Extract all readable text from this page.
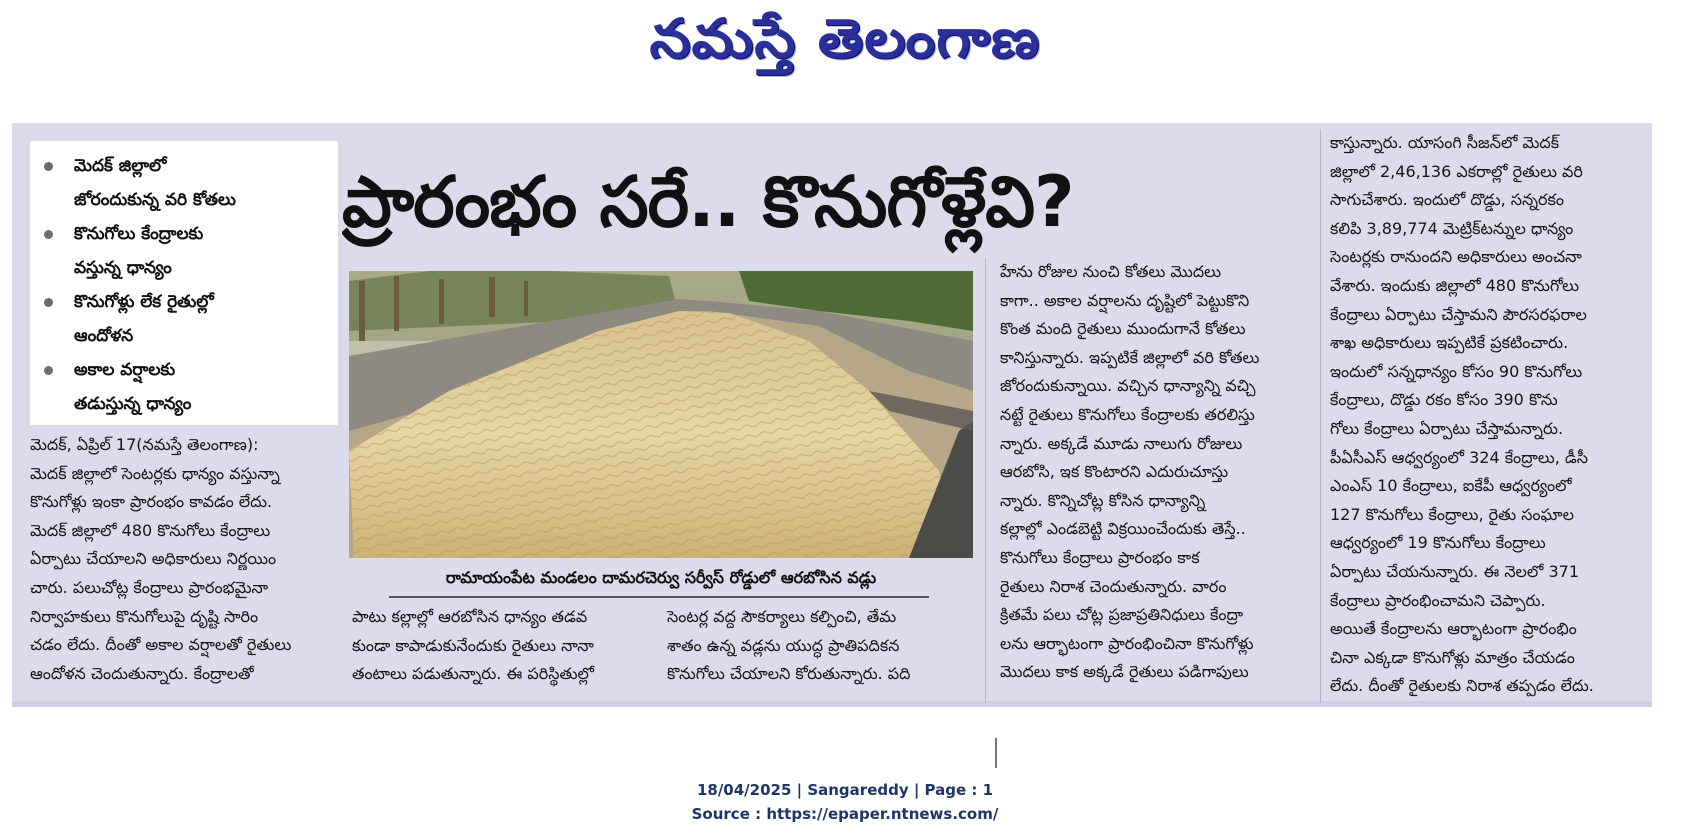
నమస్తే తెలంగాణ
మెదక్ జిల్లాలో
జోరందుకున్న వరి కోతలు
కొనుగోలు కేంద్రాలకు
వస్తున్న ధాన్యం
కొనుగోళ్లు లేక రైతుల్లో
ఆందోళన
అకాల వర్షాలకు
తడుస్తున్న ధాన్యం
ప్రారంభం సరే.. కొనుగోళ్లేవి?
రామాయంపేట మండలం దామరచెర్వు సర్వీస్ రోడ్డులో ఆరబోసిన వడ్లు

మెదక్, ఏప్రిల్ 17(నమస్తే తెలంగాణ):

మెదక్ జిల్లాలో సెంటర్లకు ధాన్యం వస్తున్నా

కొనుగోళ్లు ఇంకా ప్రారంభం కావడం లేదు.

మెదక్ జిల్లాలో 480 కొనుగోలు కేంద్రాలు

ఏర్పాటు చేయాలని అధికారులు నిర్ణయిం

చారు. పలుచోట్ల కేంద్రాలు ప్రారంభమైనా

నిర్వాహకులు కొనుగోలుపై దృష్టి సారిం

చడం లేదు. దీంతో అకాల వర్షాలతో రైతులు

ఆందోళన చెందుతున్నారు. కేంద్రాలతో

పాటు కల్లాల్లో ఆరబోసిన ధాన్యం తడవ

కుండా కాపాడుకునేందుకు రైతులు నానా

తంటాలు పడుతున్నారు. ఈ పరిస్థితుల్లో

సెంటర్ల వద్ద సౌకర్యాలు కల్పించి, తేమ

శాతం ఉన్న వడ్లను యుద్ధ ప్రాతిపదికన

కొనుగోలు చేయాలని కోరుతున్నారు. పది

హేను రోజుల నుంచి కోతలు మొదలు

కాగా.. అకాల వర్షాలను దృష్టిలో పెట్టుకొని

కొంత మంది రైతులు ముందుగానే కోతలు

కానిస్తున్నారు. ఇప్పటికే జిల్లాలో వరి కోతలు

జోరందుకున్నాయి. వచ్చిన ధాన్యాన్ని వచ్చి

నట్టే రైతులు కొనుగోలు కేంద్రాలకు తరలిస్తు

న్నారు. అక్కడే మూడు నాలుగు రోజులు

ఆరబోసి, ఇక కొంటారని ఎదురుచూస్తు

న్నారు. కొన్నిచోట్ల కోసిన ధాన్యాన్ని

కల్లాల్లో ఎండబెట్టి విక్రయించేందుకు తెస్తే..

కొనుగోలు కేంద్రాలు ప్రారంభం కాక

రైతులు నిరాశ చెందుతున్నారు. వారం

క్రితమే పలు చోట్ల ప్రజాప్రతినిధులు కేంద్రా

లను ఆర్భాటంగా ప్రారంభించినా కొనుగోళ్లు

మొదలు కాక అక్కడే రైతులు పడిగాపులు

కాస్తున్నారు. యాసంగి సీజన్‌లో మెదక్

జిల్లాలో 2,46,136 ఎకరాల్లో రైతులు వరి

సాగుచేశారు. ఇందులో దొడ్డు, సన్నరకం

కలిపి 3,89,774 మెట్రిక్‌టన్నుల ధాన్యం

సెంటర్లకు రానుందని అధికారులు అంచనా

వేశారు. ఇందుకు జిల్లాలో 480 కొనుగోలు

కేంద్రాలు ఏర్పాటు చేస్తామని పౌరసరఫరాల

శాఖ అధికారులు ఇప్పటికే ప్రకటించారు.

ఇందులో సన్నధాన్యం కోసం 90 కొనుగోలు

కేంద్రాలు, దొడ్డు రకం కోసం 390 కొను

గోలు కేంద్రాలు ఏర్పాటు చేస్తామన్నారు.

పీఏసీఎస్ ఆధ్వర్యంలో 324 కేంద్రాలు, డీసీ

ఎంఎస్ 10 కేంద్రాలు, ఐకేపీ ఆధ్వర్యంలో

127 కొనుగోలు కేంద్రాలు, రైతు సంఘాల

ఆధ్వర్యంలో 19 కొనుగోలు కేంద్రాలు

ఏర్పాటు చేయనున్నారు. ఈ నెలలో 371

కేంద్రాలు ప్రారంభించామని చెప్పారు.

అయితే కేంద్రాలను ఆర్భాటంగా ప్రారంభిం

చినా ఎక్కడా కొనుగోళ్లు మాత్రం చేయడం

లేదు. దీంతో రైతులకు నిరాశ తప్పడం లేదు.

18/04/2025 | Sangareddy | Page : 1
Source : https://epaper.ntnews.com/
